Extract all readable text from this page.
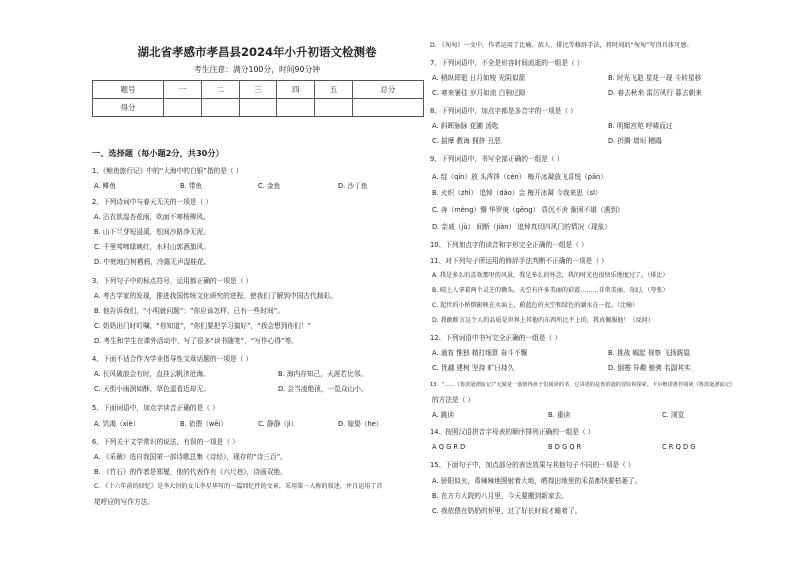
湖北省孝感市孝昌县2024年小升初语文检测卷
考生注意：满分100分，时间90分钟
题号	一	二	三	四	五	总分
得分						
一、选择题（每小题2分，共30分）
1、《鲸鱼旅行记》中的“大海中的白银”指的是（ ）
A. 鲱鱼	B. 带鱼	C. 金鱼	D. 沙丁鱼
2、下列诗词中与春天无关的一项是（ ）
A. 沾衣欲湿杏花雨，吹面不寒杨柳风。
B. 山下兰芽短浸溪，松间沙路净无泥。
C. 千里莺啼绿映红，水村山郭酒旗风。
D. 中庭地白树栖鸦，冷露无声湿桂花。
3、下列句子中的标点符号，运用都正确的一项是（ ）
A. 考古学家的发现，推进我国传统文化研究的进程，使我们了解到中国古代精彩。
B. 他告诉我们，“小明就问题”：“你应该怎样，已有一些时间”。
C. 奶奶出门时叮嘱，“你知道”，“你们要把学习搞好”，“我会想到你们！”
D. 考生和学生在课外活动中，写了很多“读书随笔”，“写作心得”等。
4、下面不适合作为学业指导性文章话题的一项是（ ）
A. 长风破浪会有时，直挂云帆济沧海。	B. 海内存知己，天涯若比邻。
C. 天街小雨润如酥，草色遥看近却无。	D. 会当凌绝顶，一览众山小。
5、下面词语中，加点字读音正确的是（ ）
A. 饥渴（xiè）	B. 依偎（wēi）	C. 静静（jì）	D. 嫁娶（he）
6、下列关于文学常识的说法，有误的一项是（ ）
A. 《采薇》选自我国第一部诗歌总集《诗经》，现存的“诗三百”。
B. 《竹石》的作者是郑燮，他的代表作有《六尺巷》，诗画双绝。
C. 《十六年前的回忆》是李大钊的女儿李星华写的一篇回忆性的文章，采用第一人称的叙述，并且运用了首
尾呼应的写作方法。
D. 《匆匆》一文中，作者运用了比喻、拟人、排比等修辞手法，将时间的“匆匆”写得具体可感。
7、下列词语中，不全是形容时间流逝的一组是（ ）
A. 稍纵即逝 日月如梭 光阴似箭	B. 时光飞逝 星花一现 斗转星移
C. 寒来暑往 岁月如流 白驹过隙	D. 春去秋来 雷厉风行 暮去朝来
8、下列词语中，加点字都是多音字的一项是（ ）
A. 斜晖脉脉 花圃 汤匙	B. 明媚宫苑 呼啸而过
C. 揣摩 教诲 拥挤 丑恶	D. 折腾 墙垣 糟蹋
9、下列词语中，书写全部正确的一组是（ ）
A. 绽（qín）放 头涔涔（cén） 梅开冰凝放飞喜悦（pān）
B. 火炽（zhì） 追悼（dào）会 梅开冰凝 今我来思（sī）
C. 奔（mèng）懵 华罗庚（gēng） 昏沉不舍 渐困不堪（遇到）
D. 亲戚（jù） 间断（jiàn） 追悼真切四风门的情况（现象）
10、下列加点字的读音和字形完全正确的一组是（ ）
11、对下列句子所运用的修辞手法判断不正确的一项是（ ）
A. 我是多么的喜欢那里的风景，我是多么的怀念，我的时光也很快乐地度过了。（排比）
B. 晴上人拿着两个灵芝的锄头。天空有许多美丽的彩霞………非常美丽、奇幻。（夸张）
C. 起伏的小桥倒影映在水面上，蔚蓝色的天空和绿色的湖水在一起。（比喻）
D. 我敢断言这个人的品质是世界上其他的东西所比不上的，我真佩服他！（反问）
12、下列词语中书写完全正确的一组是（ ）
A. 通宵 惟独 精打细算 奋斗不懈	B. 挑战 崛起 视察 飞扬跋扈
C. 优越 建树 坚持 旷日持久	D. 倒霉 异趣 驰骋 名副其实
13、“……《鲁滨逊漂流记》”无疑是一部值得孩子们阅读的书，它讲述的是鲁滨逊的冒险和探索。卡尔维诺推荐阅读《鲁滨逊漂流记》
的方法是（ ）
A. 跳读	B. 重读	C. 浏览
14、按照汉语拼音字母表的顺序排列正确的一组是（ ）
A Q G R D	B D G Q R	C R Q D G
15、下面句子中，加点部分的表达效果与其他句子不同的一项是（ ）
A. 骄阳似火，毒辣辣地照射着大地，晒得田地里的禾苗都快要枯萎了。
B. 在方方大院的八月里，今天要搬到新家去。
C. 我依偎在奶奶的怀里，过了好长时间才睡着了。
